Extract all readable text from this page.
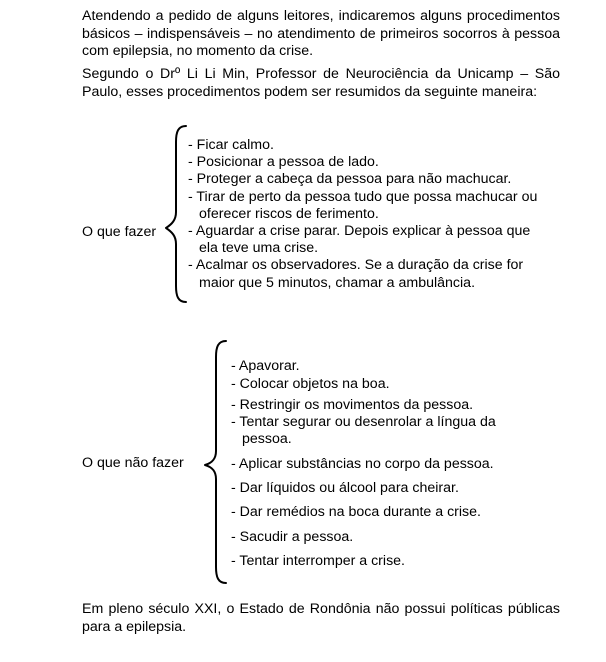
Atendendo a pedido de alguns leitores, indicaremos alguns procedimentos básicos – indispensáveis – no atendimento de primeiros socorros à pessoa com epilepsia, no momento da crise.

Segundo o Drº Li Li Min, Professor de Neurociência da Unicamp – São Paulo, esses procedimentos podem ser resumidos da seguinte maneira:

O que fazer
- Ficar calmo.
- Posicionar a pessoa de lado.
- Proteger a cabeça da pessoa para não machucar.
- Tirar de perto da pessoa tudo que possa machucar ou
oferecer riscos de ferimento.
- Aguardar a crise parar. Depois explicar à pessoa que
ela teve uma crise.
- Acalmar os observadores. Se a duração da crise for
maior que 5 minutos, chamar a ambulância.
O que não fazer
- Apavorar.
- Colocar objetos na boa.
- Restringir os movimentos da pessoa.
- Tentar segurar ou desenrolar a língua da
pessoa.
- Aplicar substâncias no corpo da pessoa.
- Dar líquidos ou álcool para cheirar.
- Dar remédios na boca durante a crise.
- Sacudir a pessoa.
- Tentar interromper a crise.

Em pleno século XXI, o Estado de Rondônia não possui políticas públicas para a epilepsia.
